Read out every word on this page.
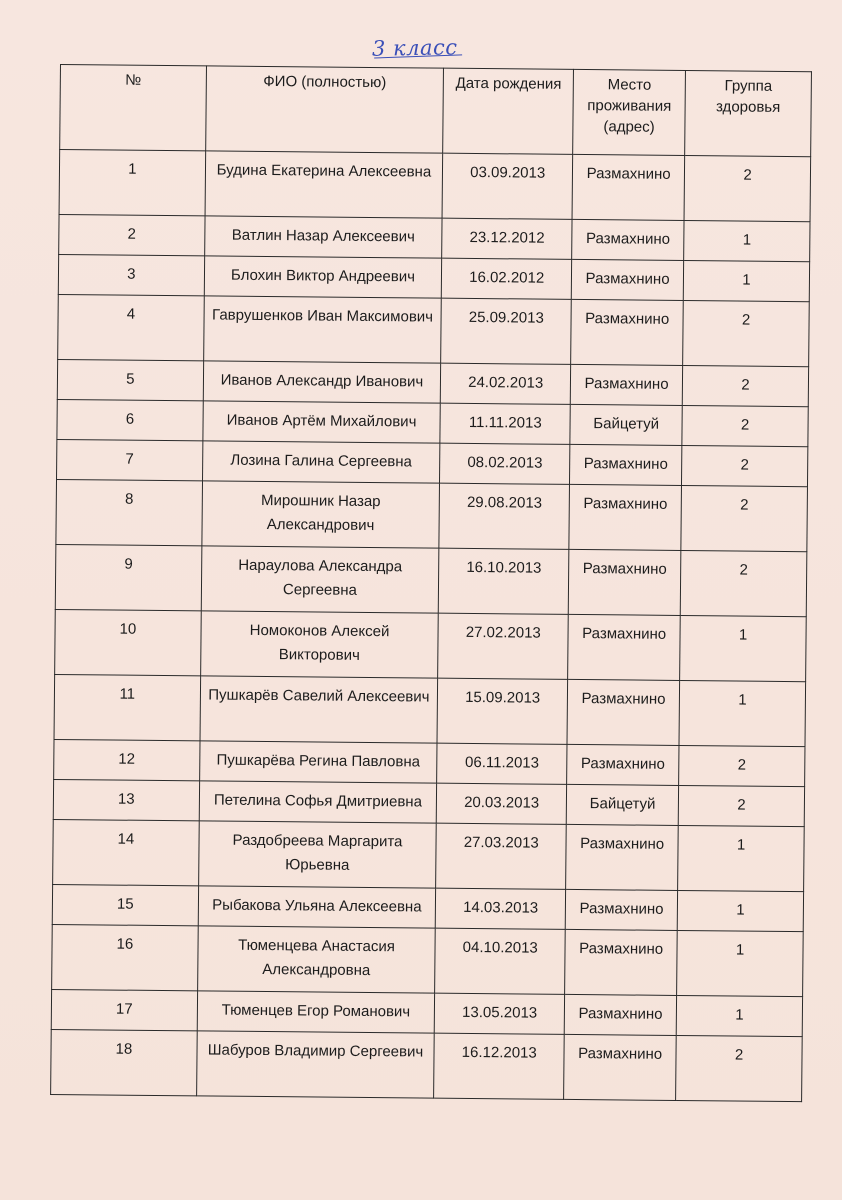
3 класс
№	ФИО (полностью)	Дата рождения	Место проживания (адрес)	Группа здоровья
1	Будина Екатерина Алексеевна	03.09.2013	Размахнино	2
2	Ватлин Назар Алексеевич	23.12.2012	Размахнино	1
3	Блохин Виктор Андреевич	16.02.2012	Размахнино	1
4	Гаврушенков Иван Максимович	25.09.2013	Размахнино	2
5	Иванов Александр Иванович	24.02.2013	Размахнино	2
6	Иванов Артём Михайлович	11.11.2013	Байцетуй	2
7	Лозина Галина Сергеевна	08.02.2013	Размахнино	2
8	Мирошник Назар Александрович	29.08.2013	Размахнино	2
9	Нараулова Александра Сергеевна	16.10.2013	Размахнино	2
10	Номоконов Алексей Викторович	27.02.2013	Размахнино	1
11	Пушкарёв Савелий Алексеевич	15.09.2013	Размахнино	1
12	Пушкарёва Регина Павловна	06.11.2013	Размахнино	2
13	Петелина Софья Дмитриевна	20.03.2013	Байцетуй	2
14	Раздобреева Маргарита Юрьевна	27.03.2013	Размахнино	1
15	Рыбакова Ульяна Алексеевна	14.03.2013	Размахнино	1
16	Тюменцева Анастасия Александровна	04.10.2013	Размахнино	1
17	Тюменцев Егор Романович	13.05.2013	Размахнино	1
18	Шабуров Владимир Сергеевич	16.12.2013	Размахнино	2
